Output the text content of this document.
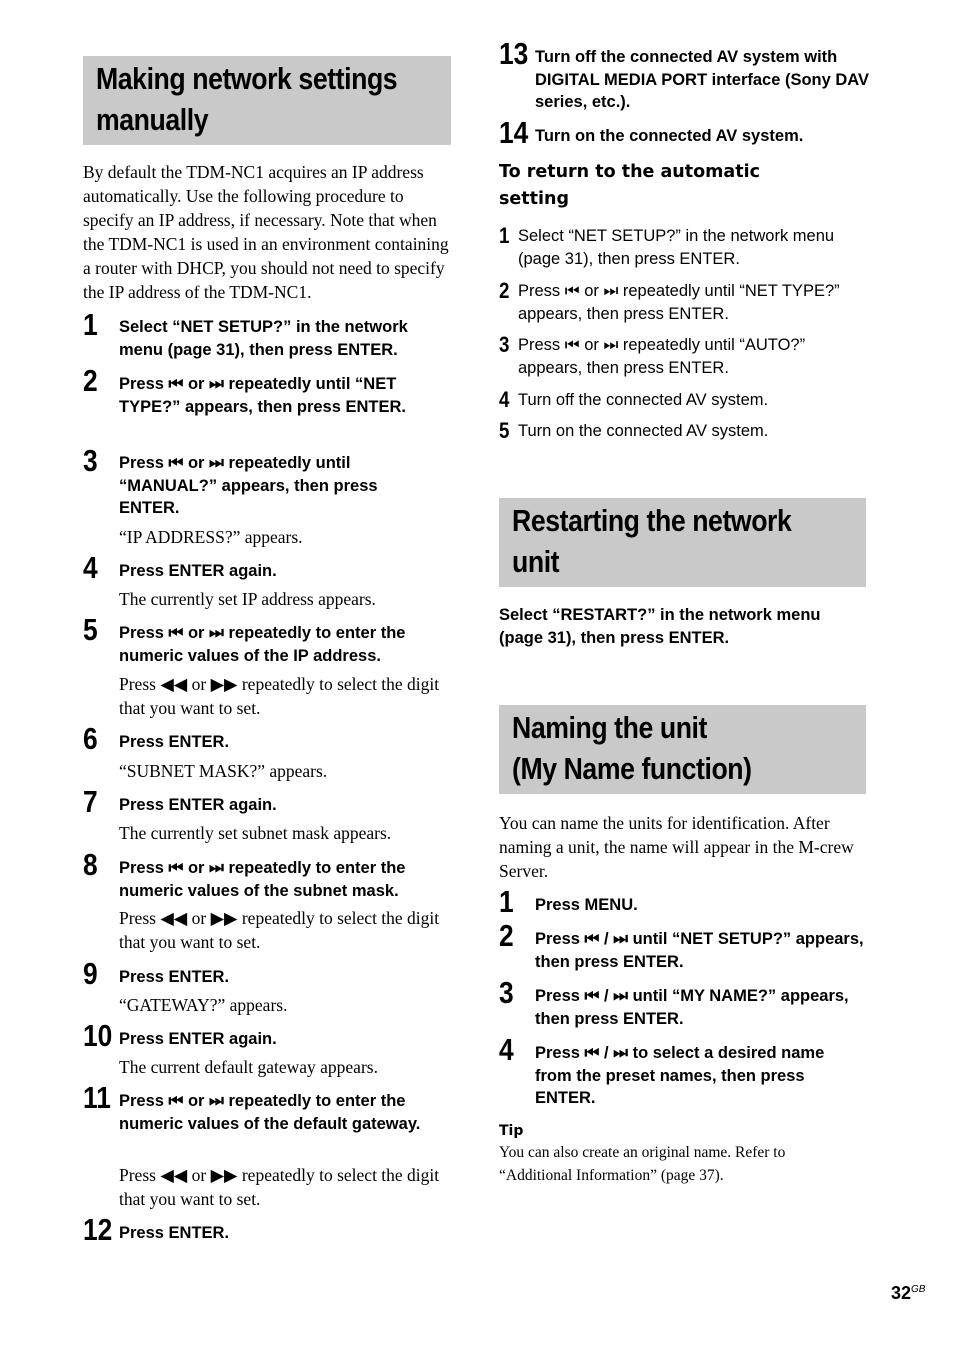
Making network settings
manually
By default the TDM-NC1 acquires an IP address automatically. Use the following procedure to specify an IP address, if necessary. Note that when the TDM-NC1 is used in an environment containing a router with DHCP, you should not need to specify the IP address of the TDM-NC1.
1 Select “NET SETUP?” in the network menu (page 31), then press ENTER.
2 Press ⏮ or ⏭ repeatedly until “NET TYPE?” appears, then press ENTER.
3 Press ⏮ or ⏭ repeatedly until “MANUAL?” appears, then press ENTER.
“IP ADDRESS?” appears.
4 Press ENTER again.
The currently set IP address appears.
5 Press ⏮ or ⏭ repeatedly to enter the numeric values of the IP address.
Press ◀◀ or ▶▶ repeatedly to select the digit that you want to set.
6 Press ENTER.
“SUBNET MASK?” appears.
7 Press ENTER again.
The currently set subnet mask appears.
8 Press ⏮ or ⏭ repeatedly to enter the numeric values of the subnet mask.
Press ◀◀ or ▶▶ repeatedly to select the digit that you want to set.
9 Press ENTER.
“GATEWAY?” appears.
10 Press ENTER again.
The current default gateway appears.
11 Press ⏮ or ⏭ repeatedly to enter the numeric values of the default gateway.
Press ◀◀ or ▶▶ repeatedly to select the digit that you want to set.
12 Press ENTER.
13 Turn off the connected AV system with DIGITAL MEDIA PORT interface (Sony DAV series, etc.).
14 Turn on the connected AV system.
To return to the automatic setting
1 Select “NET SETUP?” in the network menu (page 31), then press ENTER.
2 Press ⏮ or ⏭ repeatedly until “NET TYPE?” appears, then press ENTER.
3 Press ⏮ or ⏭ repeatedly until “AUTO?” appears, then press ENTER.
4 Turn off the connected AV system.
5 Turn on the connected AV system.
Restarting the network
unit
Select “RESTART?” in the network menu (page 31), then press ENTER.
Naming the unit
(My Name function)
You can name the units for identification. After naming a unit, the name will appear in the M-crew Server.
1 Press MENU.
2 Press ⏮ / ⏭ until “NET SETUP?” appears, then press ENTER.
3 Press ⏮ / ⏭ until “MY NAME?” appears, then press ENTER.
4 Press ⏮ / ⏭ to select a desired name from the preset names, then press ENTER.
Tip
You can also create an original name. Refer to “Additional Information” (page 37).
$32^{GB}$
